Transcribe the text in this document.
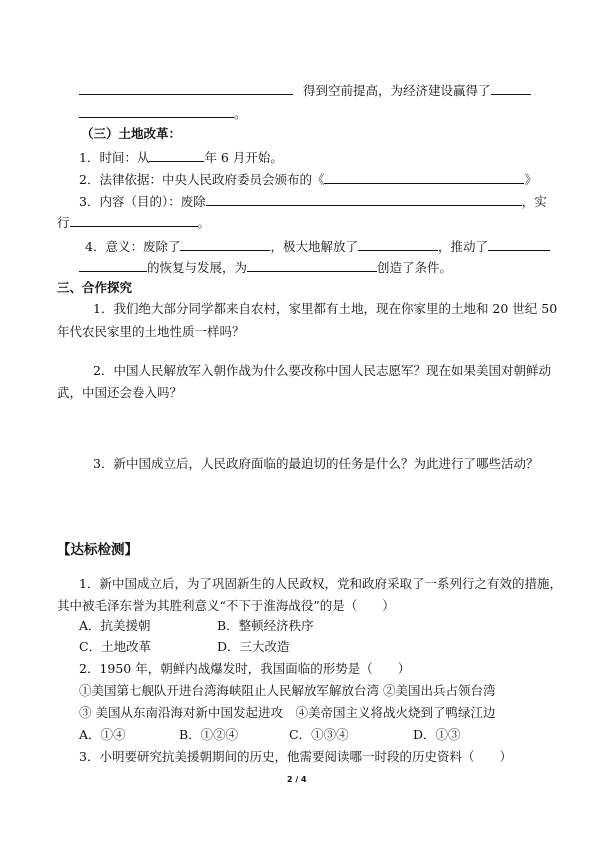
得到空前提高，为经济建设赢得了
。
（三）土地改革：
1．时间：从	年 6 月开始。
2．法律依据：中央人民政府委员会颁布的《	》
3．内容（目的）：废除	，实
行	。
4．意义：废除了	，极大地解放了	，推动了
的恢复与发展，为	创造了条件。
三、合作探究
1．我们绝大部分同学都来自农村，家里都有土地，现在你家里的土地和 20 世纪 50
年代农民家里的土地性质一样吗？
2．中国人民解放军入朝作战为什么要改称中国人民志愿军？现在如果美国对朝鲜动
武，中国还会卷入吗？
3．新中国成立后，人民政府面临的最迫切的任务是什么？为此进行了哪些活动？
【达标检测】
1．新中国成立后，为了巩固新生的人民政权，党和政府采取了一系列行之有效的措施，
其中被毛泽东誉为其胜利意义“不下于淮海战役”的是（　　）
A．抗美援朝	B．整顿经济秩序
C．土地改革	D．三大改造
2．1950 年，朝鲜内战爆发时，我国面临的形势是（　　）
①美国第七舰队开进台湾海峡阻止人民解放军解放台湾 ②美国出兵占领台湾
③ 美国从东南沿海对新中国发起进攻　④美帝国主义将战火烧到了鸭绿江边
A．①④	B．①②④	C．①③④	D．①③
3．小明要研究抗美援朝期间的历史，他需要阅读哪一时段的历史资料（　　）
2 / 4
